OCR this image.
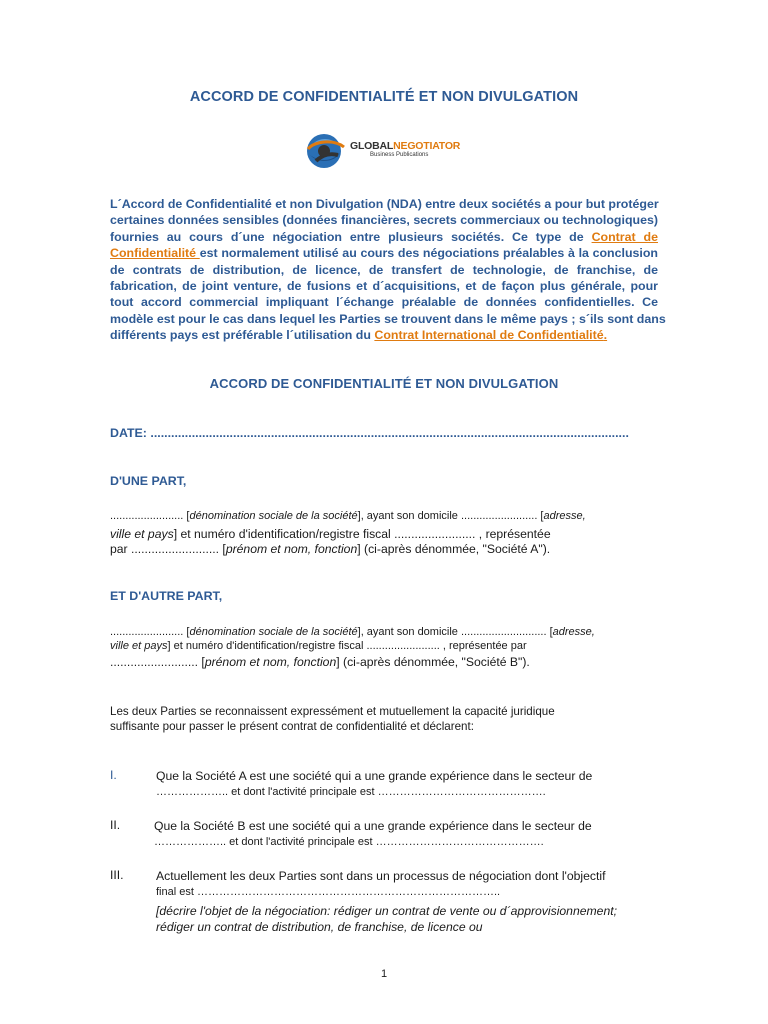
ACCORD DE CONFIDENTIALITÉ ET NON DIVULGATION
GLOBALNEGOTIATOR
Business Publications
L´Accord de Confidentialité et non Divulgation (NDA) entre deux sociétés a pour but protéger
certaines données sensibles (données financières, secrets commerciaux ou technologiques)
fournies au cours d´une négociation entre plusieurs sociétés. Ce type de Contrat de
Confidentialité est normalement utilisé au cours des négociations préalables à la conclusion
de contrats de distribution, de licence, de transfert de technologie, de franchise, de
fabrication, de joint venture, de fusions et d´acquisitions, et de façon plus générale, pour
tout accord commercial impliquant l´échange préalable de données confidentielles. Ce
modèle est pour le cas dans lequel les Parties se trouvent dans le même pays ; s´ils sont dans
différents pays est préférable l´utilisation du Contrat International de Confidentialité.
ACCORD DE CONFIDENTIALITÉ ET NON DIVULGATION
DATE: ...........................................................................................................................................
D'UNE PART,
........................ [dénomination sociale de la société], ayant son domicile ......................... [adresse,
ville et pays] et numéro d'identification/registre fiscal ........................ , représentée
par .......................... [prénom et nom, fonction] (ci-après dénommée, "Société A").
ET D'AUTRE PART,
........................ [dénomination sociale de la société], ayant son domicile ............................ [adresse,
ville et pays] et numéro d'identification/registre fiscal ........................ , représentée par
.......................... [prénom et nom, fonction] (ci-après dénommée, "Société B").
Les deux Parties se reconnaissent expressément et mutuellement la capacité juridique
suffisante pour passer le présent contrat de confidentialité et déclarent:
I.	Que la Société A est une société qui a une grande expérience dans le secteur de
……………….. et dont l'activité principale est ……………………………………….
II.	Que la Société B est une société qui a une grande expérience dans le secteur de
……………….. et dont l'activité principale est ……………………………………….
III.	Actuellement les deux Parties sont dans un processus de négociation dont l'objectif
final est ………………………………………………………………………..
[décrire l'objet de la négociation: rédiger un contrat de vente ou d´approvisionnement;
rédiger un contrat de distribution, de franchise, de licence ou
1
